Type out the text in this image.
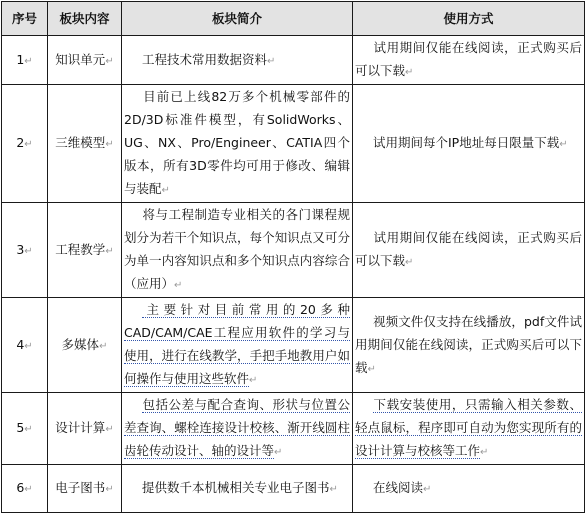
序号	板块内容	板块简介	使用方式
1↵	知识单元↵	工程技术常用数据资料↵	试用期间仅能在线阅读，正式购买后可以下载↵
2↵	三维模型↵	目前已上线82万多个机械零部件的2D/3D标准件模型，有SolidWorks、UG、NX、Pro/Engineer、CATIA四个版本，所有3D零件均可用于修改、编辑与装配↵	试用期间每个IP地址每日限量下载↵
3↵	工程教学↵	将与工程制造专业相关的各门课程规划分为若干个知识点，每个知识点又可分为单一内容知识点和多个知识点内容综合（应用）↵	试用期间仅能在线阅读，正式购买后可以下载↵
4↵	多媒体↵	主要针对目前常用的20多种CAD/CAM/CAE工程应用软件的学习与使用，进行在线教学，手把手地教用户如何操作与使用这些软件↵	视频文件仅支持在线播放，pdf文件试用期间仅能在线阅读，正式购买后可以下载↵
5↵	设计计算↵	包括公差与配合查询、形状与位置公差查询、螺栓连接设计校核、渐开线圆柱齿轮传动设计、轴的设计等↵	下载安装使用，只需输入相关参数、轻点鼠标，程序即可自动为您实现所有的设计计算与校核等工作↵
6↵	电子图书↵	提供数千本机械相关专业电子图书↵	在线阅读↵
